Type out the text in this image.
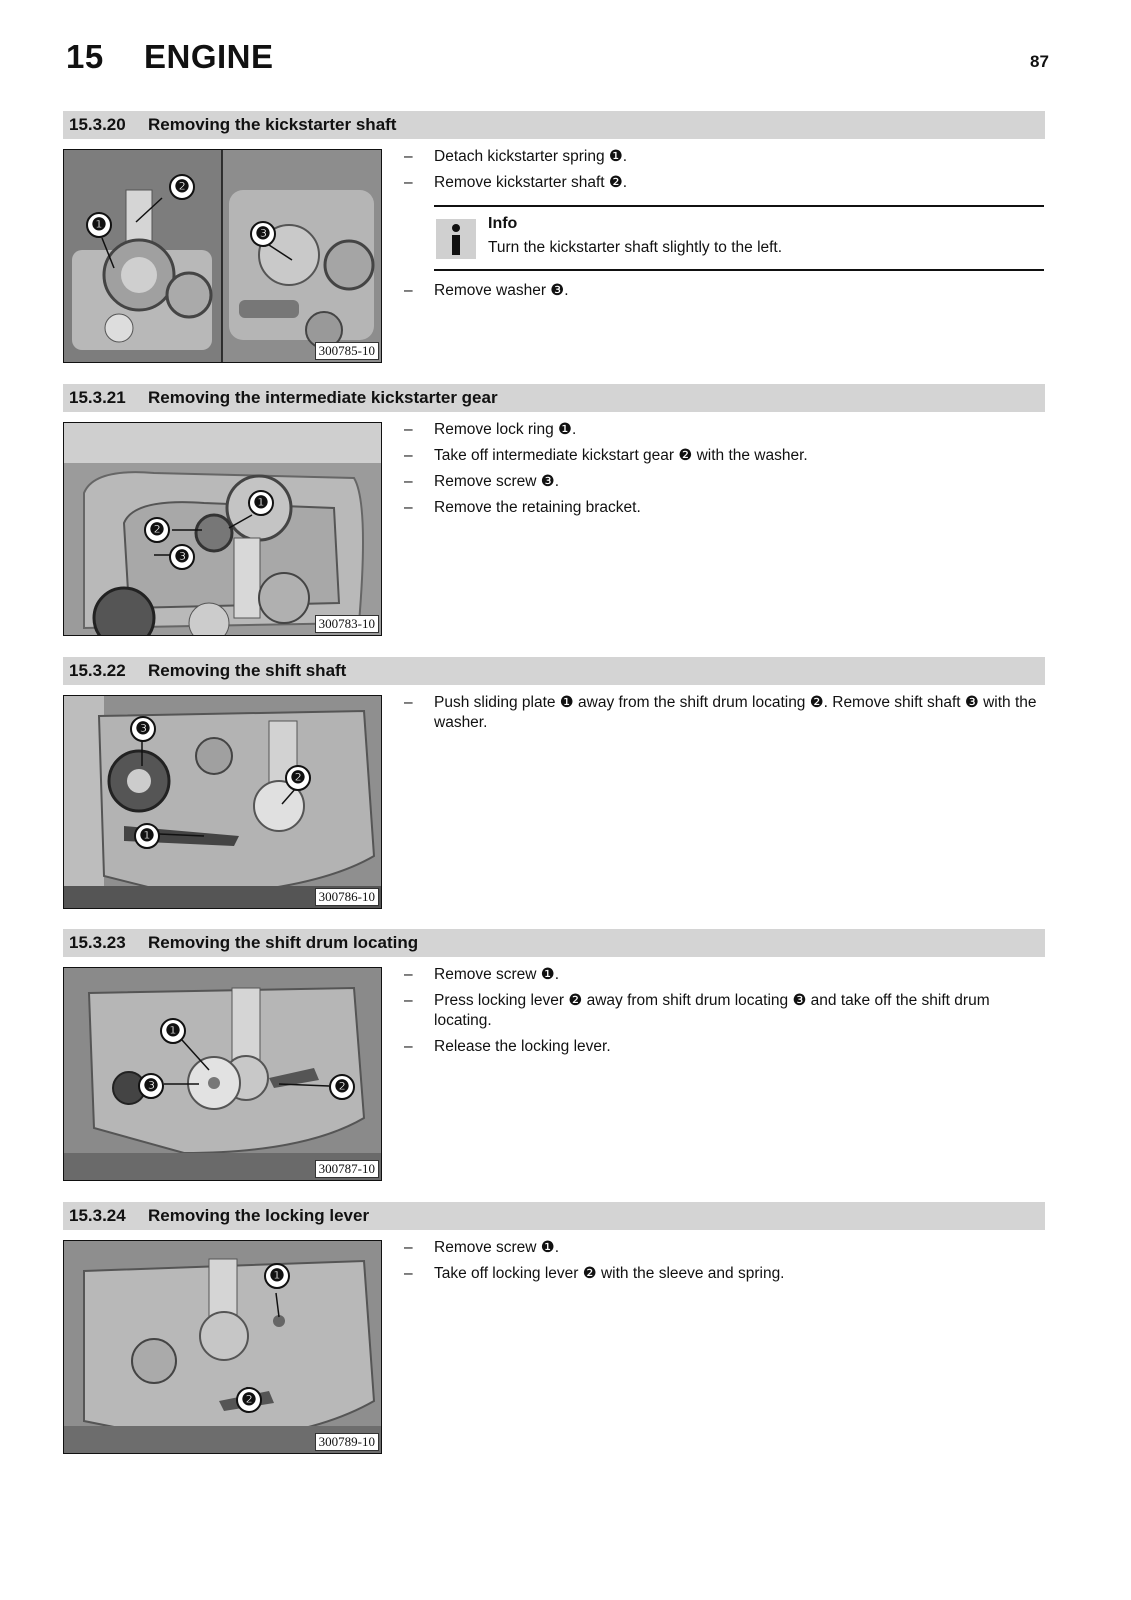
15 ENGINE	87
15.3.20 Removing the kickstarter shaft
❷
❶	❸
300785-10
– Detach kickstarter spring ❶.
– Remove kickstarter shaft ❷.
Info
Turn the kickstarter shaft slightly to the left.
– Remove washer ❸.
15.3.21 Removing the intermediate kickstarter gear
❶
❷
❸
300783-10
– Remove lock ring ❶.
– Take off intermediate kickstart gear ❷ with the washer.
– Remove screw ❸.
– Remove the retaining bracket.
15.3.22 Removing the shift shaft
❸
❷
❶
300786-10
– Push sliding plate ❶ away from the shift drum locating ❷. Remove shift shaft ❸ with the washer.
15.3.23 Removing the shift drum locating
❶
❸	❷
300787-10
– Remove screw ❶.
– Press locking lever ❷ away from shift drum locating ❸ and take off the shift drum locating.
– Release the locking lever.
15.3.24 Removing the locking lever
❶
❷
300789-10
– Remove screw ❶.
– Take off locking lever ❷ with the sleeve and spring.
